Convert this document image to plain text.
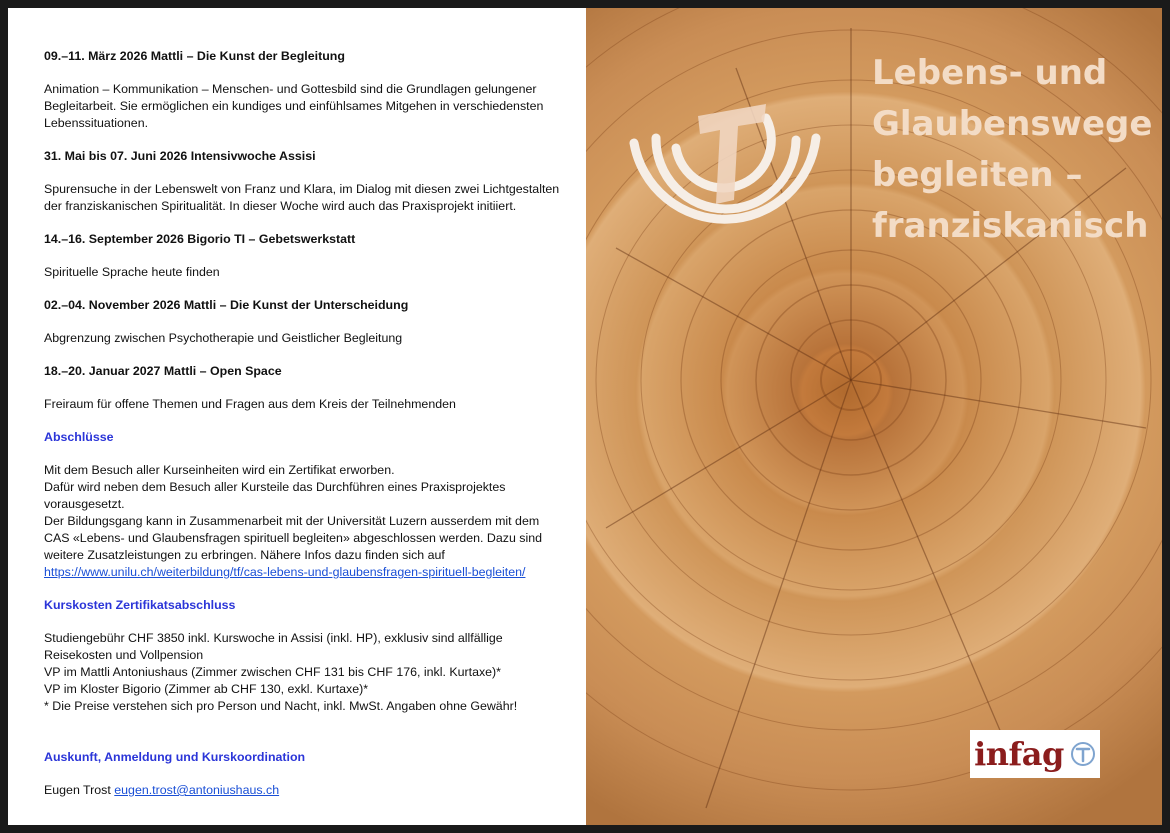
09.–11. März 2026 Mattli – Die Kunst der Begleitung
Animation – Kommunikation – Menschen- und Gottesbild sind die Grundlagen gelungener Begleitarbeit. Sie ermöglichen ein kundiges und einfühlsames Mitgehen in verschiedensten Lebenssituationen.
31. Mai bis 07. Juni 2026 Intensivwoche Assisi
Spurensuche in der Lebenswelt von Franz und Klara, im Dialog mit diesen zwei Lichtgestalten der franziskanischen Spiritualität. In dieser Woche wird auch das Praxisprojekt initiiert.
14.–16. September 2026 Bigorio TI – Gebetswerkstatt
Spirituelle Sprache heute finden
02.–04. November 2026 Mattli – Die Kunst der Unterscheidung
Abgrenzung zwischen Psychotherapie und Geistlicher Begleitung
18.–20. Januar 2027 Mattli – Open Space
Freiraum für offene Themen und Fragen aus dem Kreis der Teilnehmenden
Abschlüsse
Mit dem Besuch aller Kurseinheiten wird ein Zertifikat erworben.
Dafür wird neben dem Besuch aller Kursteile das Durchführen eines Praxisprojektes vorausgesetzt.
Der Bildungsgang kann in Zusammenarbeit mit der Universität Luzern ausserdem mit dem CAS «Lebens- und Glaubensfragen spirituell begleiten» abgeschlossen werden. Dazu sind weitere Zusatzleistungen zu erbringen. Nähere Infos dazu finden sich auf
https://www.unilu.ch/weiterbildung/tf/cas-lebens-und-glaubensfragen-spirituell-begleiten/
Kurskosten Zertifikatsabschluss
Studiengebühr CHF 3850 inkl. Kurswoche in Assisi (inkl. HP), exklusiv sind allfällige Reisekosten und Vollpension
VP im Mattli Antoniushaus (Zimmer zwischen CHF 131 bis CHF 176, inkl. Kurtaxe)*
VP im Kloster Bigorio (Zimmer ab CHF 130, exkl. Kurtaxe)*
* Die Preise verstehen sich pro Person und Nacht, inkl. MwSt. Angaben ohne Gewähr!
Auskunft, Anmeldung und Kurskoordination
Eugen Trost eugen.trost@antoniushaus.ch
Lebens- und
Glaubenswege
begleiten –
franziskanisch
infag
